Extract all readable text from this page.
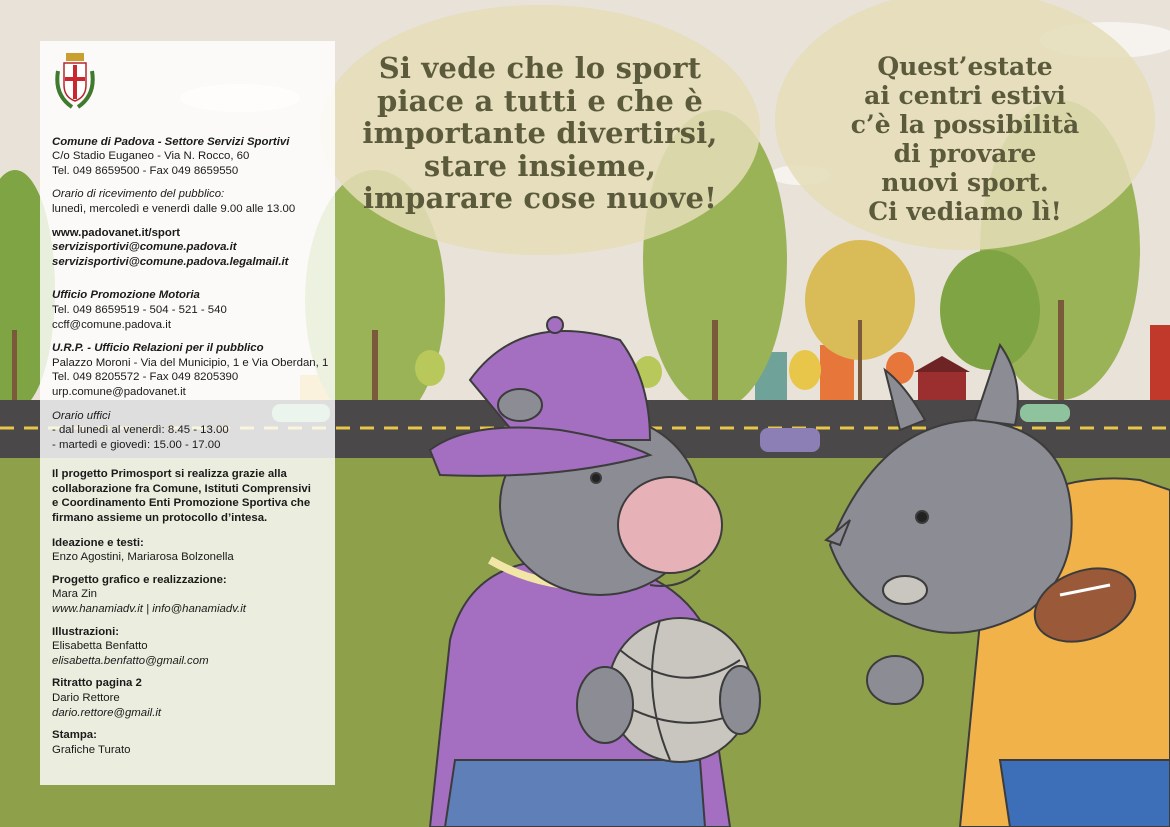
Comune di Padova - Settore Servizi Sportivi
C/o Stadio Euganeo - Via N. Rocco, 60
Tel. 049 8659500 - Fax 049 8659550
Orario di ricevimento del pubblico:
lunedì, mercoledì e venerdì dalle 9.00 alle 13.00
www.padovanet.it/sport
servizisportivi@comune.padova.it
servizisportivi@comune.padova.legalmail.it
Ufficio Promozione Motoria
Tel. 049 8659519 - 504 - 521 - 540
ccff@comune.padova.it
U.R.P. - Ufficio Relazioni per il pubblico
Palazzo Moroni - Via del Municipio, 1 e Via Oberdan, 1
Tel. 049 8205572 - Fax 049 8205390
urp.comune@padovanet.it
Orario uffici
- dal lunedì al venerdì: 8.45 - 13.00
- martedì e giovedì: 15.00 - 17.00
Il progetto Primosport si realizza grazie alla
collaborazione fra Comune, Istituti Comprensivi
e Coordinamento Enti Promozione Sportiva che
firmano assieme un protocollo d’intesa.
Ideazione e testi:
Enzo Agostini, Mariarosa Bolzonella
Progetto grafico e realizzazione:
Mara Zin
www.hanamiadv.it | info@hanamiadv.it
Illustrazioni:
Elisabetta Benfatto
elisabetta.benfatto@gmail.com
Ritratto pagina 2
Dario Rettore
dario.rettore@gmail.it
Stampa:
Grafiche Turato
Si vede che lo sport
piace a tutti e che è
importante divertirsi,
stare insieme,
imparare cose nuove!
Quest’estate
ai centri estivi
c’è la possibilità
di provare
nuovi sport.
Ci vediamo lì!
